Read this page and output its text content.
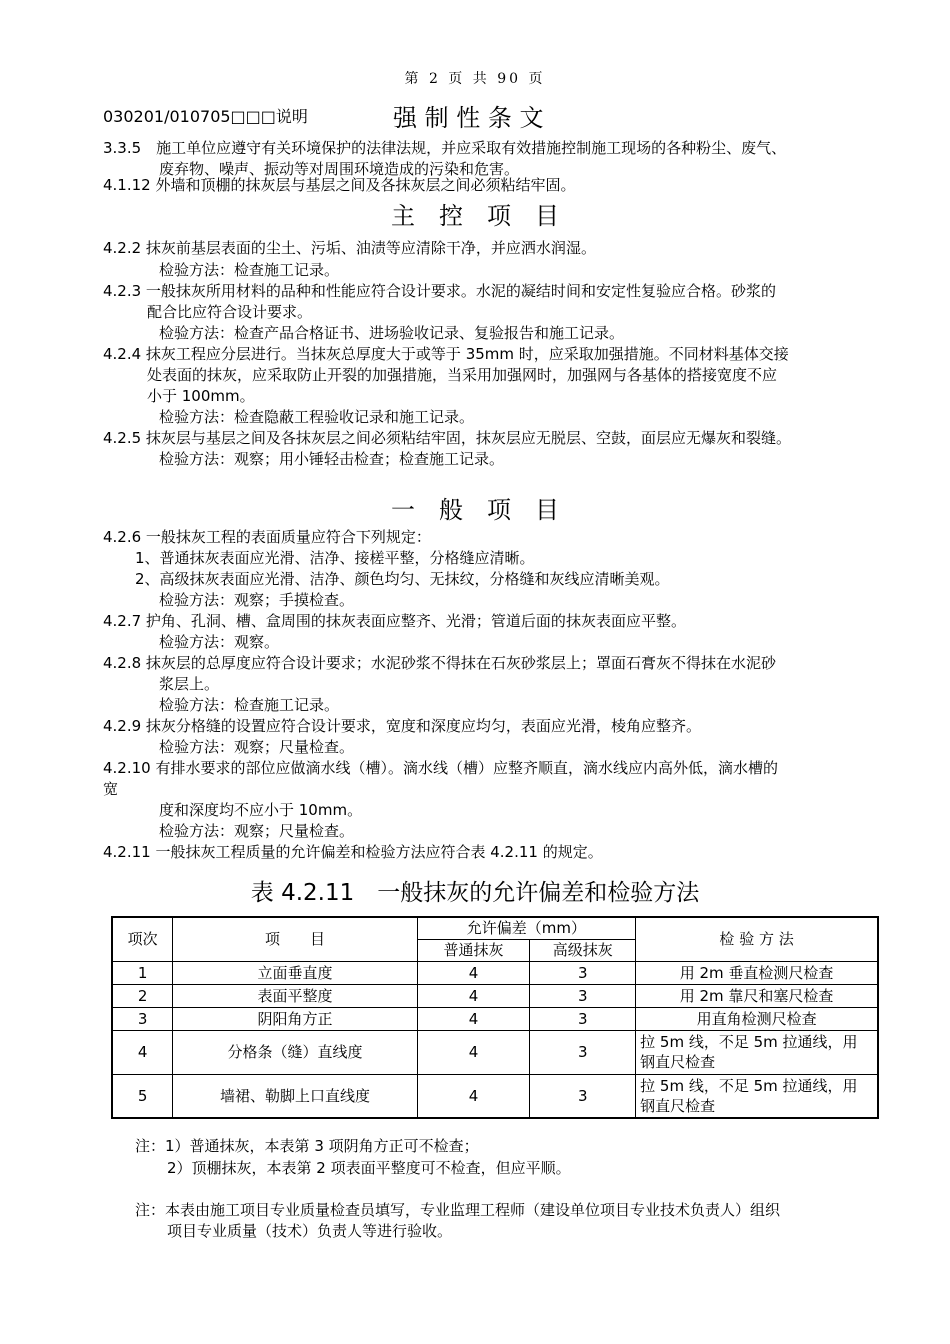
第 2 页 共 90 页
030201/010705□□□说明	强 制 性 条 文
3.3.5　施工单位应遵守有关环境保护的法律法规，并应采取有效措施控制施工现场的各种粉尘、废气、
废弃物、噪声、振动等对周围环境造成的污染和危害。
4.1.12 外墙和顶棚的抹灰层与基层之间及各抹灰层之间必须粘结牢固。
主　控　项　目
4.2.2 抹灰前基层表面的尘土、污垢、油渍等应清除干净，并应洒水润湿。
检验方法：检查施工记录。
4.2.3 一般抹灰所用材料的品种和性能应符合设计要求。水泥的凝结时间和安定性复验应合格。砂浆的
配合比应符合设计要求。
检验方法：检查产品合格证书、进场验收记录、复验报告和施工记录。
4.2.4 抹灰工程应分层进行。当抹灰总厚度大于或等于 35mm 时，应采取加强措施。不同材料基体交接
处表面的抹灰，应采取防止开裂的加强措施，当采用加强网时，加强网与各基体的搭接宽度不应
小于 100mm。
检验方法：检查隐蔽工程验收记录和施工记录。
4.2.5 抹灰层与基层之间及各抹灰层之间必须粘结牢固，抹灰层应无脱层、空鼓，面层应无爆灰和裂缝。
检验方法：观察；用小锤轻击检查；检查施工记录。
一　般　项　目
4.2.6 一般抹灰工程的表面质量应符合下列规定：
1、普通抹灰表面应光滑、洁净、接槎平整，分格缝应清晰。
2、高级抹灰表面应光滑、洁净、颜色均匀、无抹纹，分格缝和灰线应清晰美观。
检验方法：观察；手摸检查。
4.2.7 护角、孔洞、槽、盒周围的抹灰表面应整齐、光滑；管道后面的抹灰表面应平整。
检验方法：观察。
4.2.8 抹灰层的总厚度应符合设计要求；水泥砂浆不得抹在石灰砂浆层上；罩面石膏灰不得抹在水泥砂
浆层上。
检验方法：检查施工记录。
4.2.9 抹灰分格缝的设置应符合设计要求，宽度和深度应均匀，表面应光滑，棱角应整齐。
检验方法：观察；尺量检查。
4.2.10 有排水要求的部位应做滴水线（槽）。滴水线（槽）应整齐顺直，滴水线应内高外低，滴水槽的
宽
度和深度均不应小于 10mm。
检验方法：观察；尺量检查。
4.2.11 一般抹灰工程质量的允许偏差和检验方法应符合表 4.2.11 的规定。
表 4.2.11　一般抹灰的允许偏差和检验方法
项次	项　　目	允许偏差（mm）		检 验 方 法
		普通抹灰	高级抹灰	
1	立面垂直度	4	3	用 2m 垂直检测尺检查
2	表面平整度	4	3	用 2m 靠尺和塞尺检查
3	阴阳角方正	4	3	用直角检测尺检查
4	分格条（缝）直线度	4	3	拉 5m 线，不足 5m 拉通线，用
钢直尺检查

5	墙裙、勒脚上口直线度	4	3	拉 5m 线，不足 5m 拉通线，用
钢直尺检查
注：1）普通抹灰，本表第 3 项阴角方正可不检查；
2）顶棚抹灰，本表第 2 项表面平整度可不检查，但应平顺。
注：本表由施工项目专业质量检查员填写，专业监理工程师（建设单位项目专业技术负责人）组织
项目专业质量（技术）负责人等进行验收。
